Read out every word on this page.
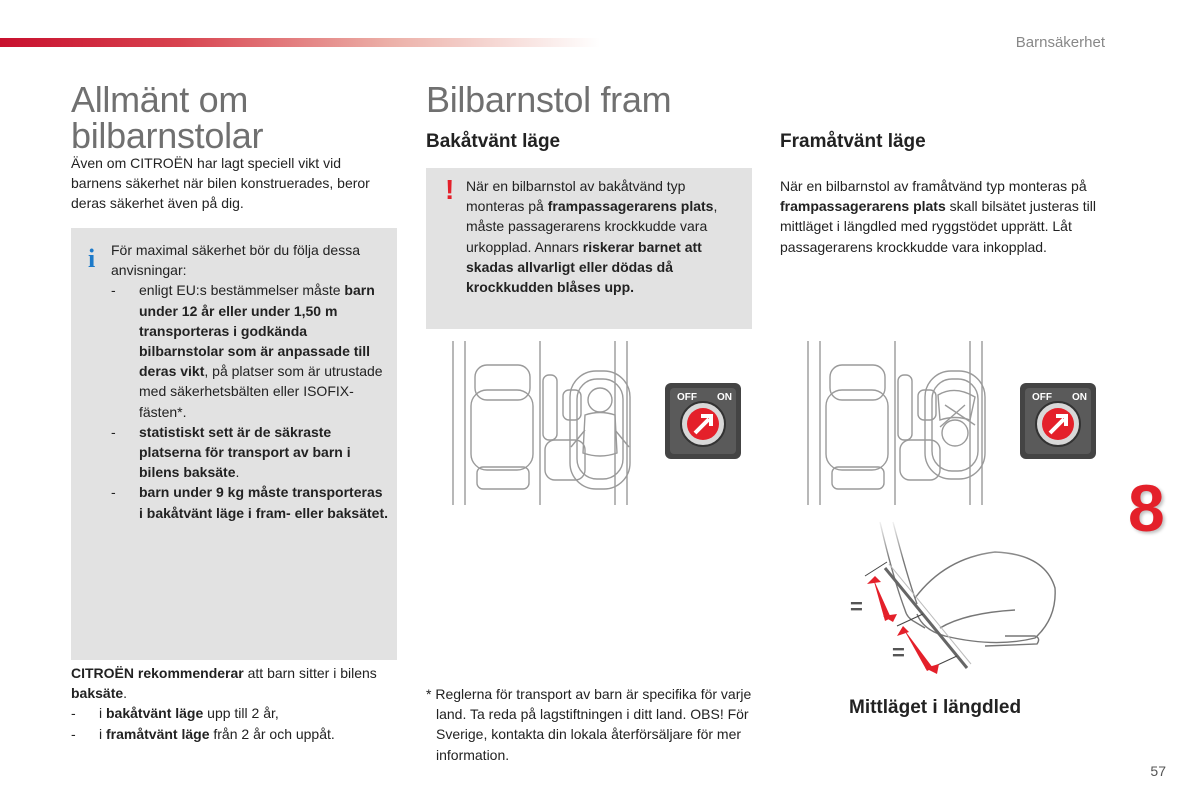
Barnsäkerhet
8
57
Allmänt om
bilbarnstolar
Även om CITROËN har lagt speciell vikt vid barnens säkerhet när bilen konstruerades, beror deras säkerhet även på dig.
i För maximal säkerhet bör du följa dessa anvisningar:
- enligt EU:s bestämmelser måste barn under 12 år eller under 1,50 m transporteras i godkända bilbarnstolar som är anpassade till deras vikt, på platser som är utrustade med säkerhetsbälten eller ISOFIX-fästen*.
- statistiskt sett är de säkraste platserna för transport av barn i bilens baksäte.
- barn under 9 kg måste transporteras i bakåtvänt läge i fram- eller baksätet.
CITROËN rekommenderar att barn sitter i bilens baksäte.
- i bakåtvänt läge upp till 2 år,
- i framåtvänt läge från 2 år och uppåt.
Bilbarnstol fram
Bakåtvänt läge
! När en bilbarnstol av bakåtvänd typ monteras på frampassagerarens plats, måste passagerarens krockkudde vara urkopplad. Annars riskerar barnet att skadas allvarligt eller dödas då krockkudden blåses upp.
OFF ON
* Reglerna för transport av barn är specifika för varje land. Ta reda på lagstiftningen i ditt land. OBS! För Sverige, kontakta din lokala återförsäljare för mer information.
Framåtvänt läge
När en bilbarnstol av framåtvänd typ monteras på frampassagerarens plats skall bilsätet justeras till mittläget i längdled med ryggstödet upprätt. Låt passagerarens krockkudde vara inkopplad.
OFF ON
Mittläget i längdled
